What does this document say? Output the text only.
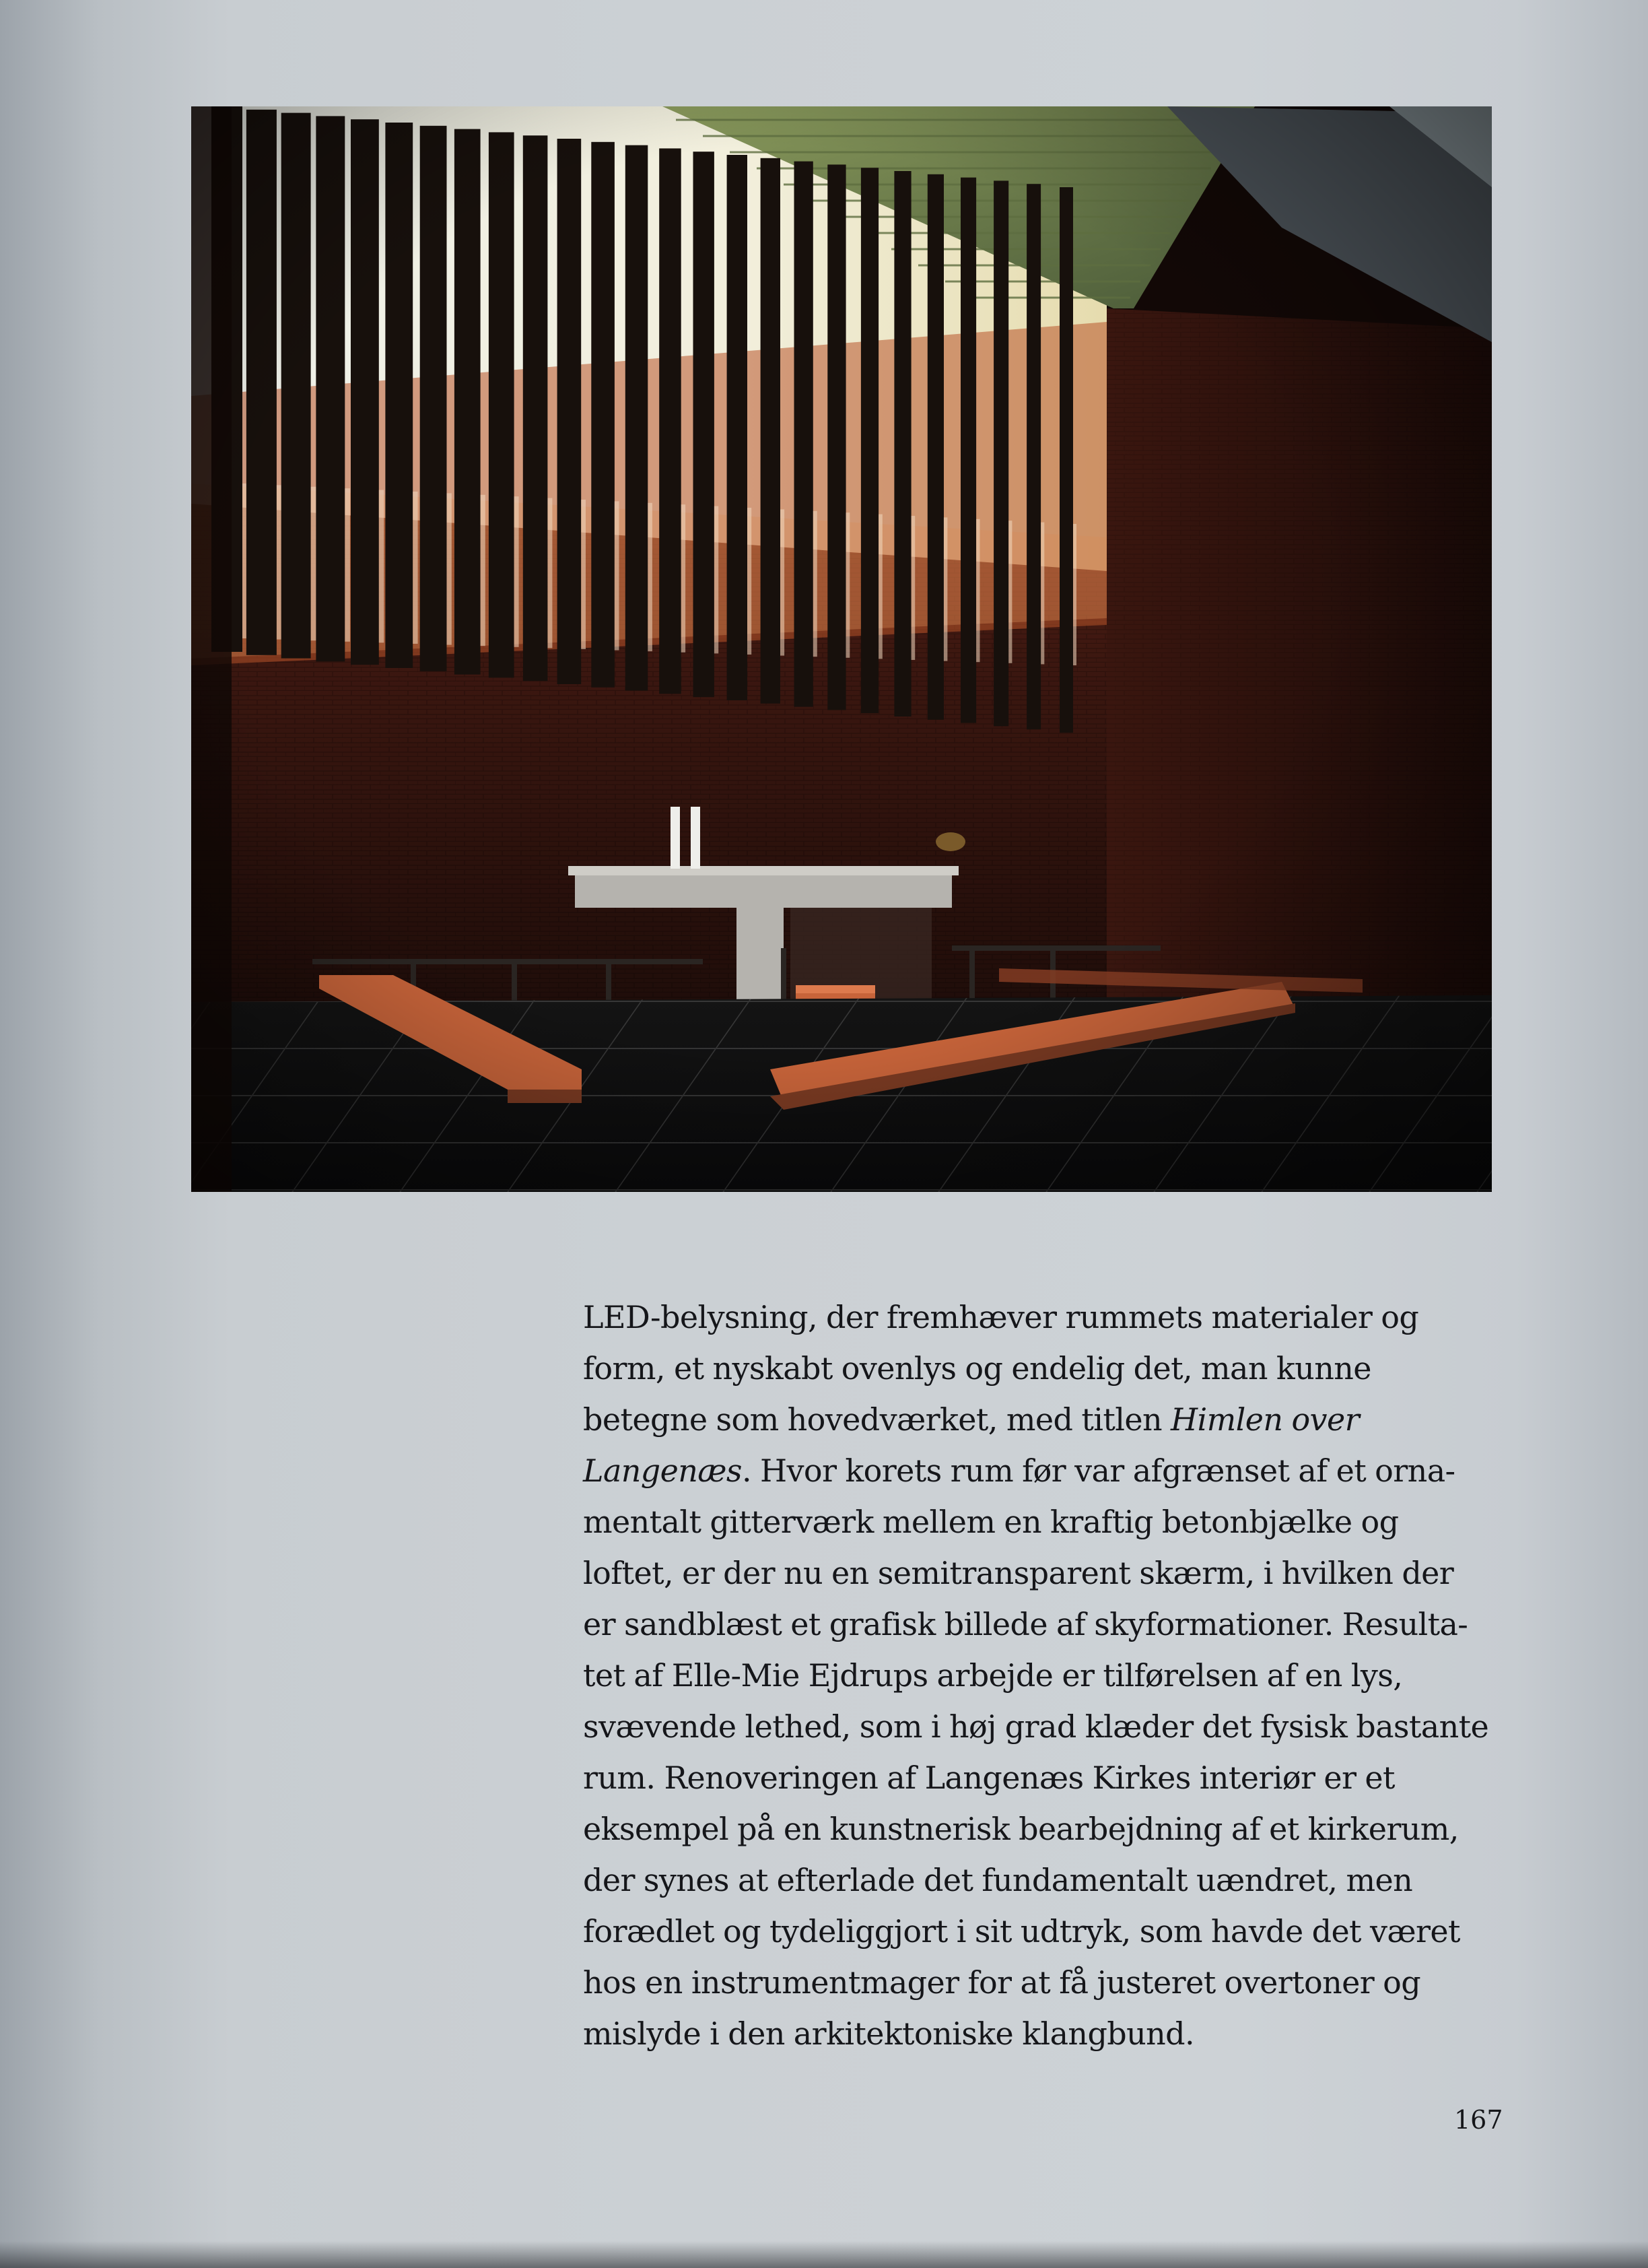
LED-belysning, der fremhæver rummets materialer og
form, et nyskabt ovenlys og endelig det, man kunne
betegne som hovedværket, med titlen Himlen over
Langenæs. Hvor korets rum før var afgrænset af et orna-
mentalt gitterværk mellem en kraftig betonbjælke og
loftet, er der nu en semitransparent skærm, i hvilken der
er sandblæst et grafisk billede af skyformationer. Resulta-
tet af Elle-Mie Ejdrups arbejde er tilførelsen af en lys,
svævende lethed, som i høj grad klæder det fysisk bastante
rum. Renoveringen af Langenæs Kirkes interiør er et
eksempel på en kunstnerisk bearbejdning af et kirkerum,
der synes at efterlade det fundamentalt uændret, men
forædlet og tydeliggjort i sit udtryk, som havde det været
hos en instrumentmager for at få justeret overtoner og
mislyde i den arkitektoniske klangbund.

167
